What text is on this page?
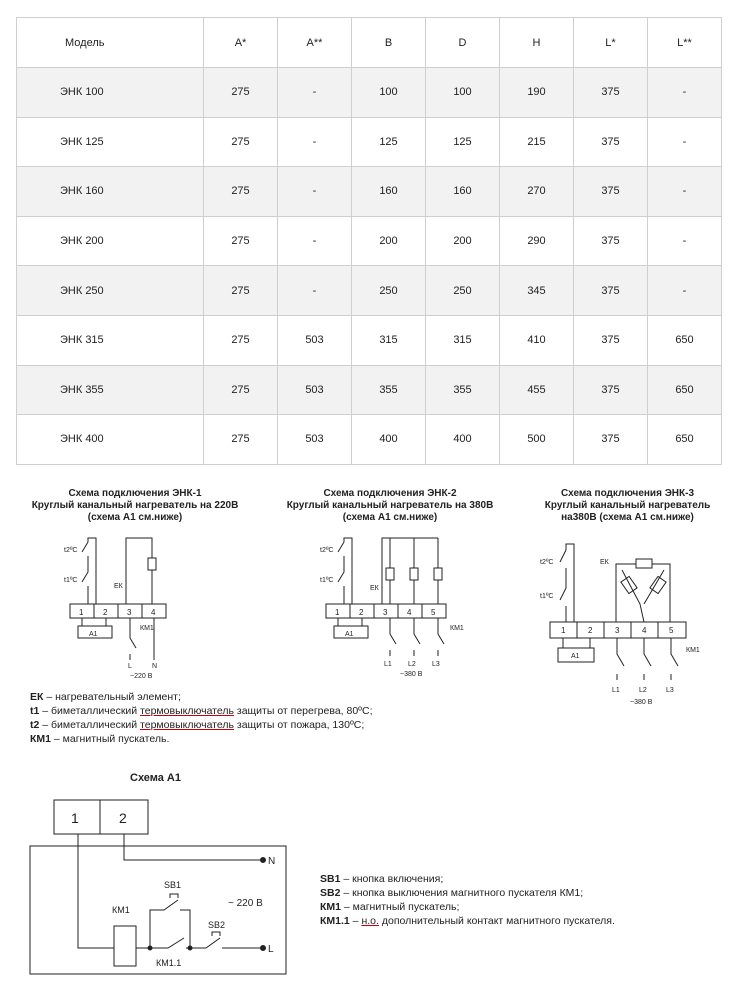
Модель	A*	A**	B	D	H	L*	L**
ЭНК 100	275	-	100	100	190	375	-
ЭНК 125	275	-	125	125	215	375	-
ЭНК 160	275	-	160	160	270	375	-
ЭНК 200	275	-	200	200	290	375	-
ЭНК 250	275	-	250	250	345	375	-
ЭНК 315	275	503	315	315	410	375	650
ЭНК 355	275	503	355	355	455	375	650
ЭНК 400	275	503	400	400	500	375	650
Схема подключения ЭНК-1
Круглый канальный нагреватель на 220В
(схема А1 см.ниже)
t2ºC
t1ºC
ЕК
1 2 3 4
А1
КМ1
L	N
~220 В
Схема подключения ЭНК-2
Круглый канальный нагреватель на 380В
(схема А1 см.ниже)
t2ºC
t1ºC
ЕК
1 2 3 4 5
А1
КМ1
L1 L2 L3
~380 В
Схема подключения ЭНК-3
Круглый канальный нагреватель
на380В (схема А1 см.ниже)
t2ºC
t1ºC
ЕК
1	2	3	4	5
А1
КМ1
L1	L2	L3
~380 В
ЕК – нагревательный элемент;
t1 – биметаллический термовыключатель защиты от перегрева, 80ºС;
t2 – биметаллический термовыключатель защиты от пожара, 130ºС;
КМ1 – магнитный пускатель.
Схема А1
1	2
N
L
~ 220 В
SB1
SB2
КМ1
КМ1.1
SB1 – кнопка включения;
SB2 – кнопка выключения магнитного пускателя КМ1;
КМ1 – магнитный пускатель;
КМ1.1 – н.о. дополнительный контакт магнитного пускателя.
